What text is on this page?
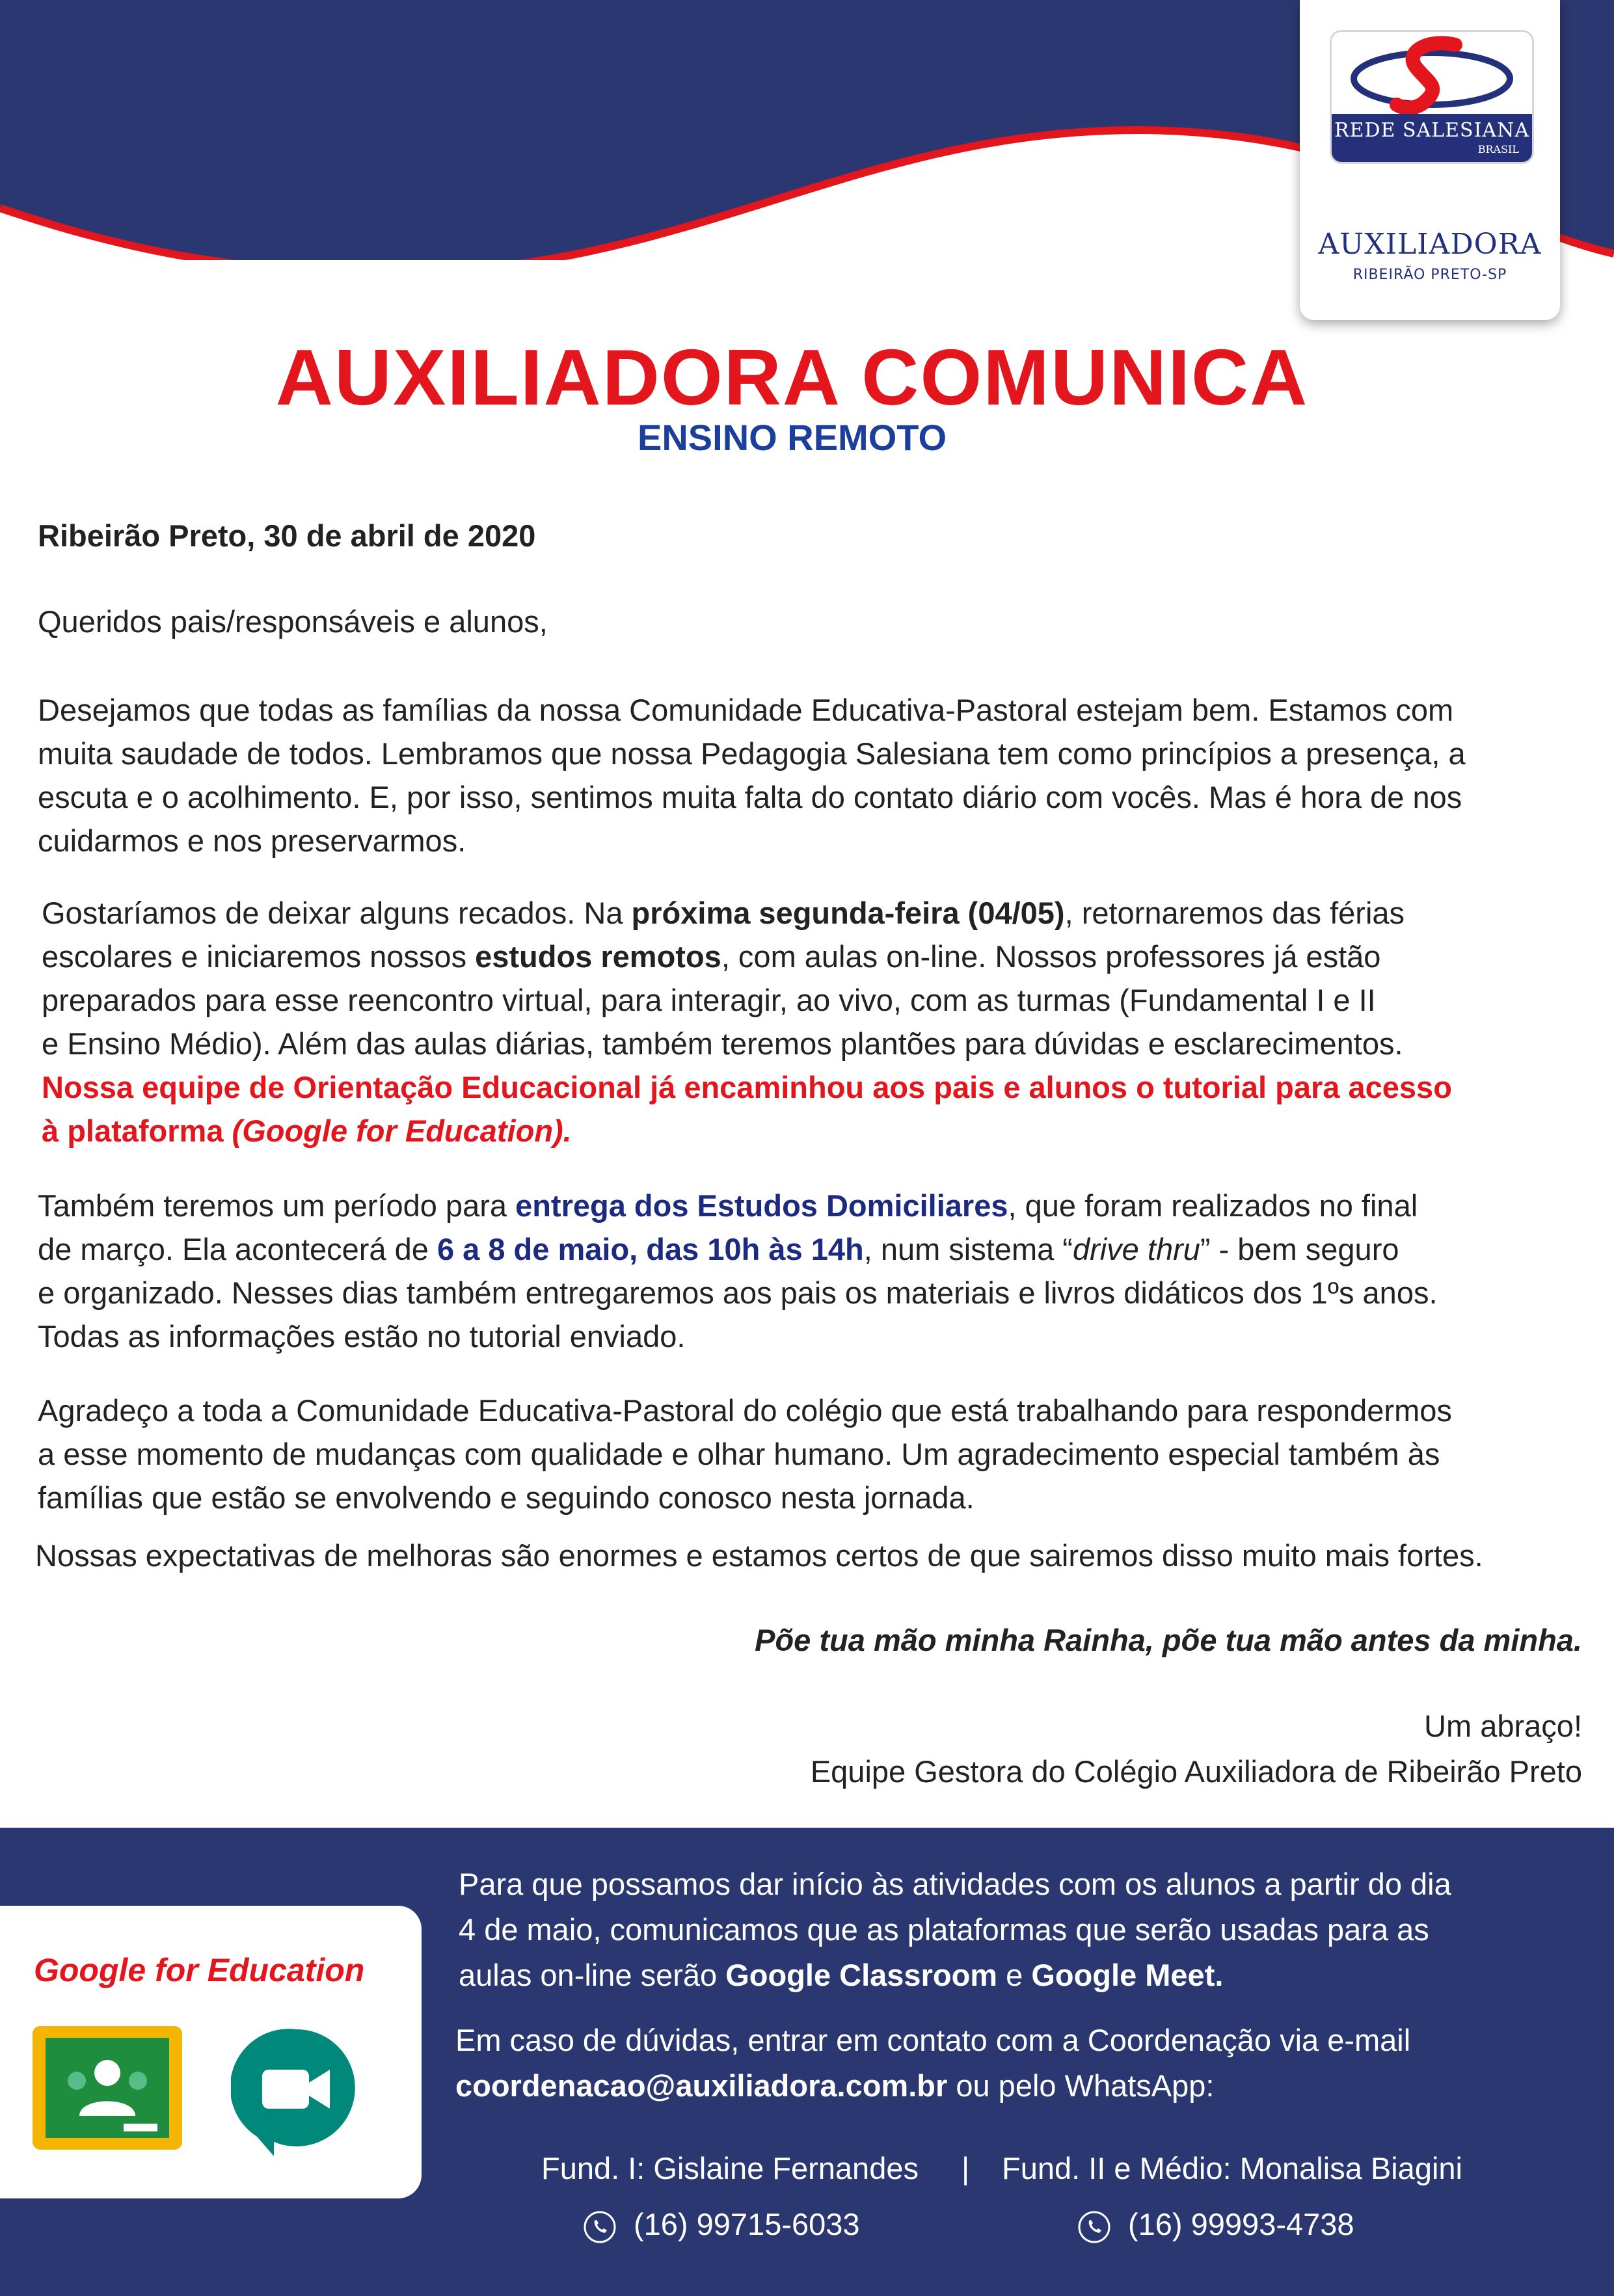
REDE SALESIANA
BRASIL
AUXILIADORA
RIBEIRÃO PRETO-SP
AUXILIADORA COMUNICA
ENSINO REMOTO
Ribeirão Preto, 30 de abril de 2020
Queridos pais/responsáveis e alunos,
Desejamos que todas as famílias da nossa Comunidade Educativa-Pastoral estejam bem. Estamos com
muita saudade de todos. Lembramos que nossa Pedagogia Salesiana tem como princípios a presença, a
escuta e o acolhimento. E, por isso, sentimos muita falta do contato diário com vocês. Mas é hora de nos
cuidarmos e nos preservarmos.
Gostaríamos de deixar alguns recados. Na próxima segunda-feira (04/05), retornaremos das férias
escolares e iniciaremos nossos estudos remotos, com aulas on-line. Nossos professores já estão
preparados para esse reencontro virtual, para interagir, ao vivo, com as turmas (Fundamental I e II
e Ensino Médio). Além das aulas diárias, também teremos plantões para dúvidas e esclarecimentos.
Nossa equipe de Orientação Educacional já encaminhou aos pais e alunos o tutorial para acesso
à plataforma (Google for Education).
Também teremos um período para entrega dos Estudos Domiciliares, que foram realizados no final
de março. Ela acontecerá de 6 a 8 de maio, das 10h às 14h, num sistema “drive thru” - bem seguro
e organizado. Nesses dias também entregaremos aos pais os materiais e livros didáticos dos 1ºs anos.
Todas as informações estão no tutorial enviado.
Agradeço a toda a Comunidade Educativa-Pastoral do colégio que está trabalhando para respondermos
a esse momento de mudanças com qualidade e olhar humano. Um agradecimento especial também às
famílias que estão se envolvendo e seguindo conosco nesta jornada.
Nossas expectativas de melhoras são enormes e estamos certos de que sairemos disso muito mais fortes.
Põe tua mão minha Rainha, põe tua mão antes da minha.
Um abraço!
Equipe Gestora do Colégio Auxiliadora de Ribeirão Preto
Google for Education
Para que possamos dar início às atividades com os alunos a partir do dia
4 de maio, comunicamos que as plataformas que serão usadas para as
aulas on-line serão Google Classroom e Google Meet.
Em caso de dúvidas, entrar em contato com a Coordenação via e-mail
coordenacao@auxiliadora.com.br ou pelo WhatsApp:
Fund. I: Gislaine Fernandes | Fund. II e Médio: Monalisa Biagini
(16) 99715-6033	(16) 99993-4738
